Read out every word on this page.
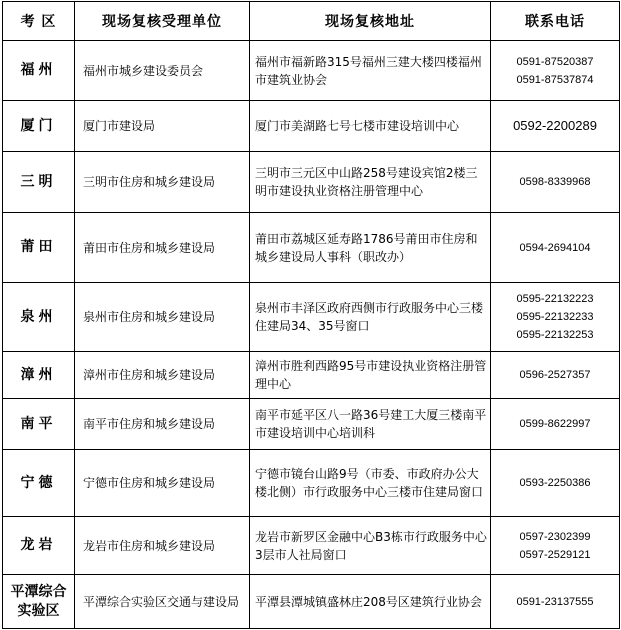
考 区	现场复核受理单位	现场复核地址	联系电话
福州	福州市城乡建设委员会	福州市福新路315号福州三建大楼四楼福州市建筑业协会	0591-87520387
0591-87537874

厦门	厦门市建设局	厦门市美湖路七号七楼市建设培训中心	0592-2200289

三明	三明市住房和城乡建设局	三明市三元区中山路258号建设宾馆2楼三明市建设执业资格注册管理中心	0598-8339968

莆田	莆田市住房和城乡建设局	莆田市荔城区延寿路1786号莆田市住房和城乡建设局人事科（职改办）	0594-2694104

泉州	泉州市住房和城乡建设局	泉州市丰泽区政府西侧市行政服务中心三楼住建局34、35号窗口	0595-22132223
0595-22132233
0595-22132253

漳州	漳州市住房和城乡建设局	漳州市胜利西路95号市建设执业资格注册管理中心	0596-2527357

南平	南平市住房和城乡建设局	南平市延平区八一路36号建工大厦三楼南平市建设培训中心培训科	0599-8622997

宁德	宁德市住房和城乡建设局	宁德市镜台山路9号（市委、市政府办公大楼北侧）市行政服务中心三楼市住建局窗口	0593-2250386

龙岩	龙岩市住房和城乡建设局	龙岩市新罗区金融中心B3栋市行政服务中心3层市人社局窗口	0597-2302399
0597-2529121

平潭综合实验区	平潭综合实验区交通与建设局	平潭县潭城镇盛林庄208号区建筑行业协会	0591-23137555
